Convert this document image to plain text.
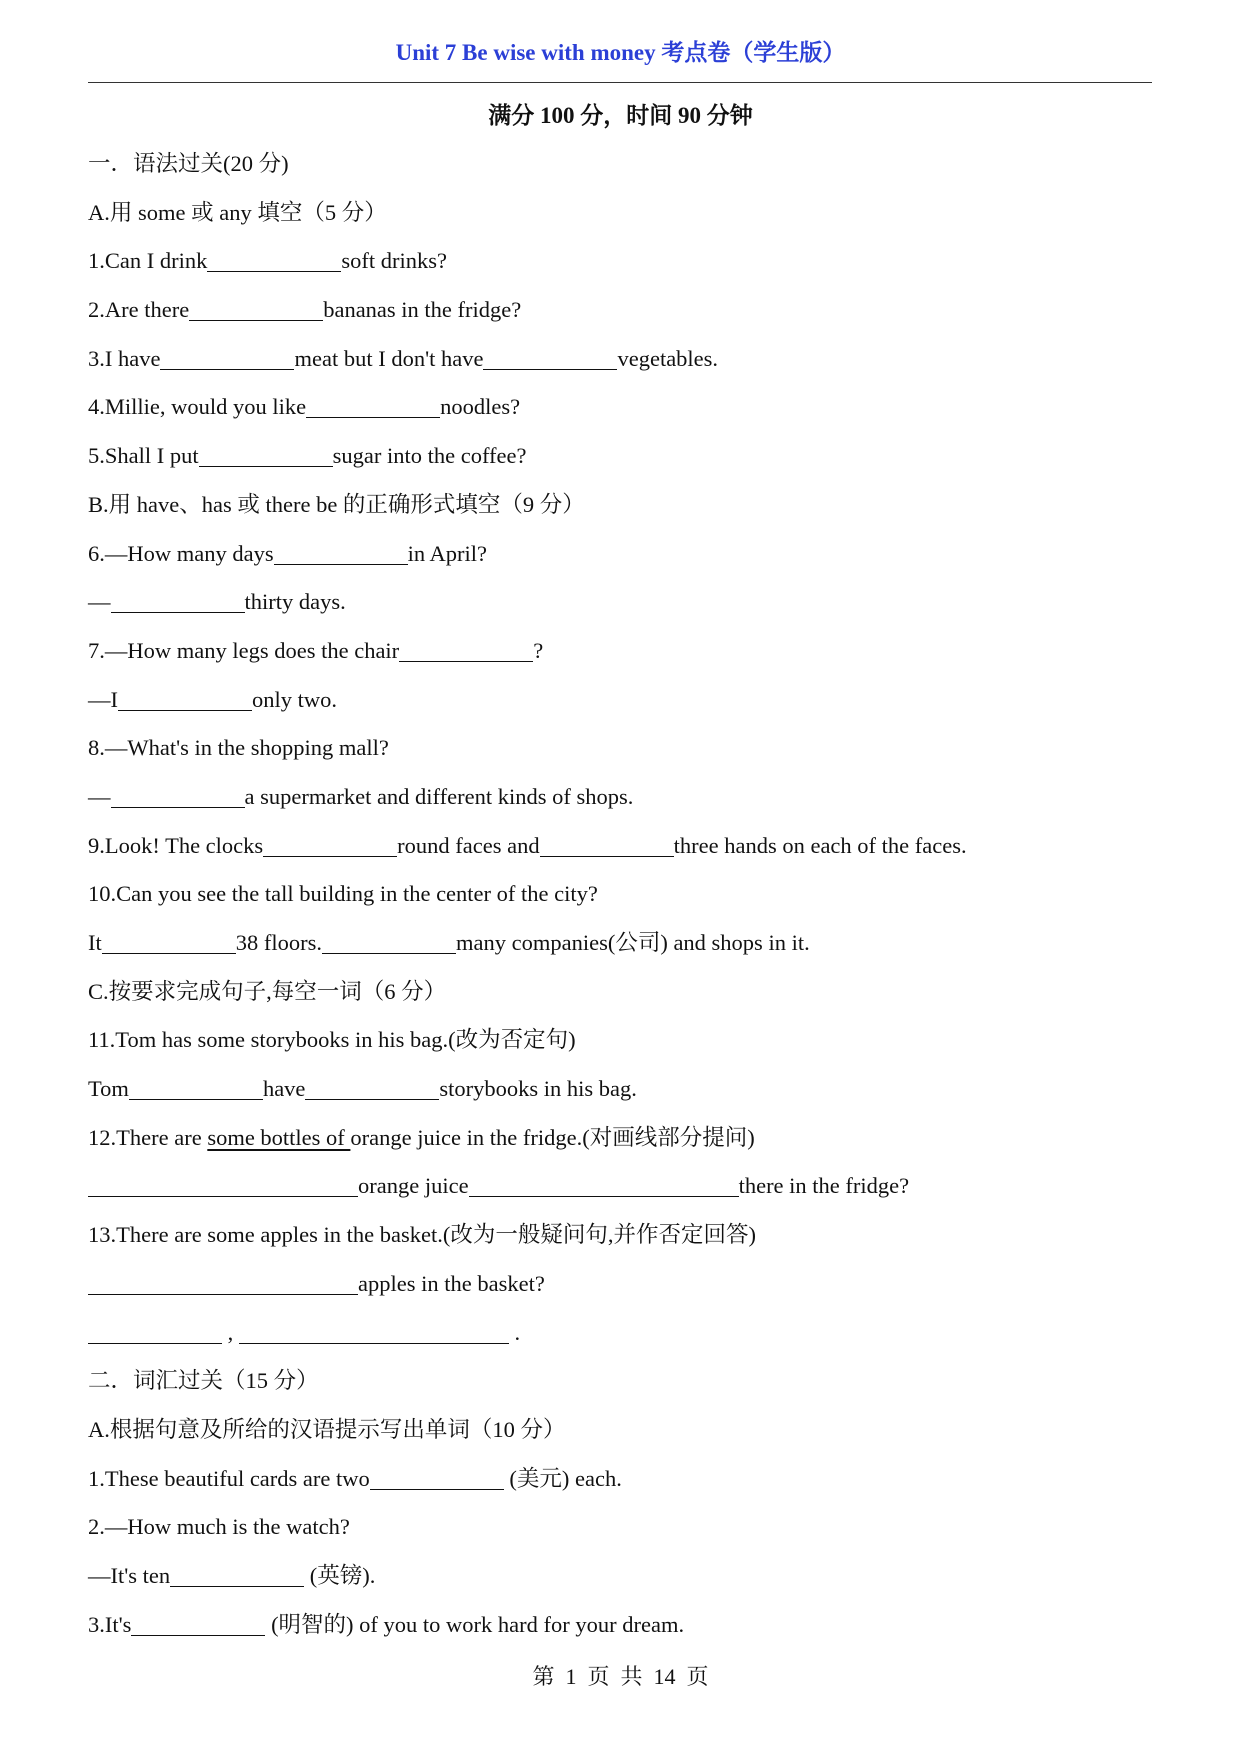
Unit 7 Be wise with money 考点卷（学生版）
满分 100 分，时间 90 分钟
一．语法过关(20 分)
A.用 some 或 any 填空（5 分）
1.Can I drink	soft drinks?
2.Are there	bananas in the fridge?
3.I have	meat but I don't have	vegetables.
4.Millie, would you like	noodles?
5.Shall I put	sugar into the coffee?
B.用 have、has 或 there be 的正确形式填空（9 分）
6.—How many days	in April?
—	thirty days.
7.—How many legs does the chair	?
—I	only two.
8.—What's in the shopping mall?
—	a supermarket and different kinds of shops.
9.Look! The clocks	round faces and	three hands on each of the faces.
10.Can you see the tall building in the center of the city?
It	38 floors.	many companies(公司) and shops in it.
C.按要求完成句子,每空一词（6 分）
11.Tom has some storybooks in his bag.(改为否定句)
Tom	have	storybooks in his bag.
12.There are some bottles of orange juice in the fridge.(对画线部分提问)
orange juice	there in the fridge?
13.There are some apples in the basket.(改为一般疑问句,并作否定回答)
apples in the basket?
,	.
二．词汇过关（15 分）
A.根据句意及所给的汉语提示写出单词（10 分）
1.These beautiful cards are two	(美元) each.
2.—How much is the watch?
—It's ten	(英镑).
3.It's	(明智的) of you to work hard for your dream.
第  1  页  共  14  页
